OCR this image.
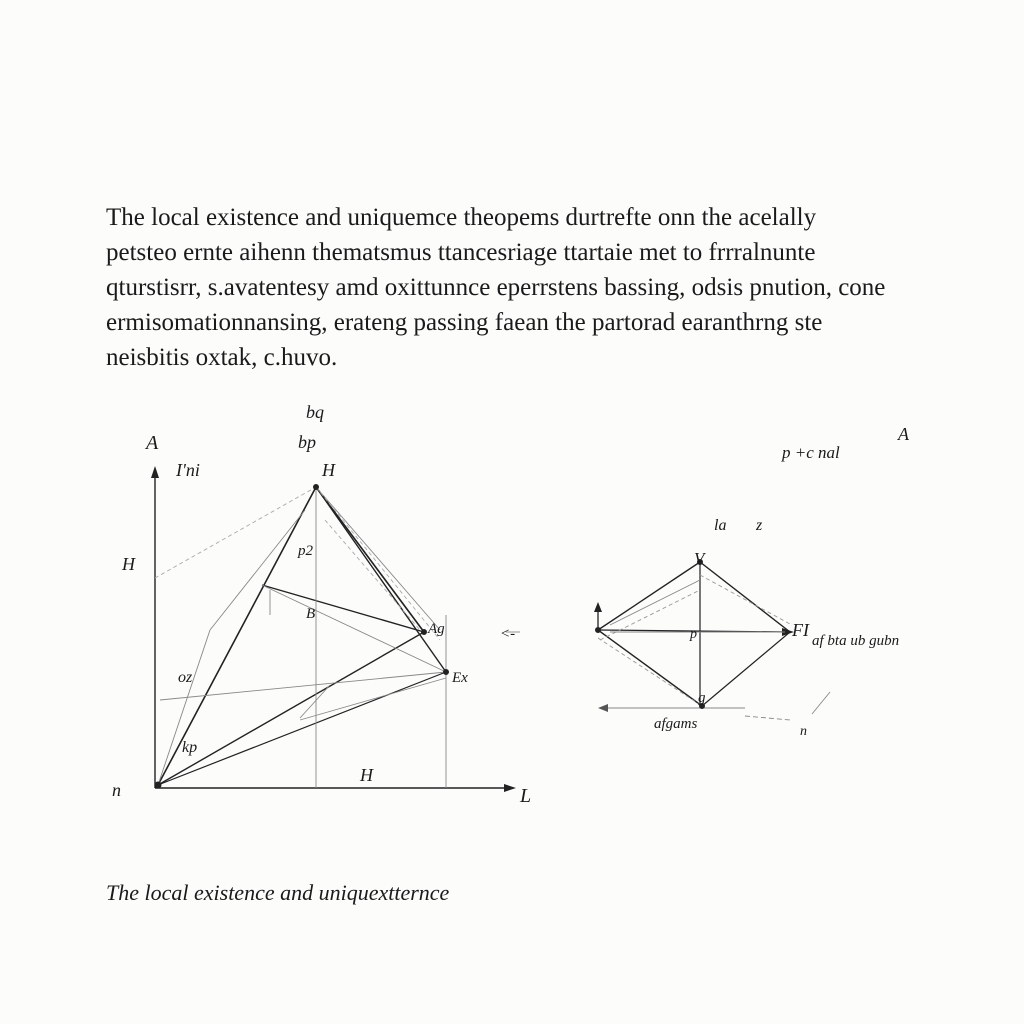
The local existence and uniquemce theopems durtrefte onn the acelally
petsteo ernte aihenn thematsmus ttancesriage ttartaie met to frrralnunte
qturstisrr, s.avatentesy amd oxittunnce eperrstens bassing, odsis pnution, cone
ermisomationnansing, erateng passing faean the partorad earanthrng ste
neisbitis oxtak, c.huvo.

A
bq
bp
I'ni	H
H
p2
B
Ag
Ex
oz
kp
n
H
L
p +c nal
A
la z
V
FI
af bta ub gubn
p
g
afgams
<-
n

The local existence and uniquextternce
